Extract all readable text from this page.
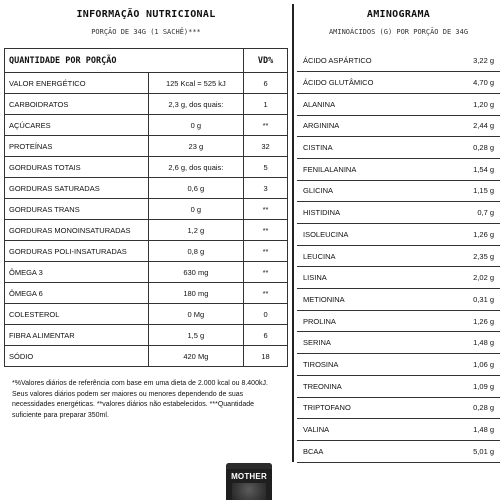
INFORMAÇÃO NUTRICIONAL
PORÇÃO DE 34G (1 SACHÊ)***
QUANTIDADE POR PORÇÃO		VD%
VALOR ENERGÉTICO	125 Kcal = 525 kJ	6
CARBOIDRATOS	2,3 g, dos quais:	1
AÇÚCARES	0 g	**
PROTEÍNAS	23 g	32
GORDURAS TOTAIS	2,6 g, dos quais:	5
GORDURAS SATURADAS	0,6 g	3
GORDURAS TRANS	0 g	**
GORDURAS MONOINSATURADAS	1,2 g	**
GORDURAS POLI-INSATURADAS	0,8 g	**
ÔMEGA 3	630 mg	**
ÔMEGA 6	180 mg	**
COLESTEROL	0 Mg	0
FIBRA ALIMENTAR	1,5 g	6
SÓDIO	420 Mg	18
*%Valores diários de referência com base em uma dieta de 2.000 kcal ou 8.400kJ. Seus valores diários podem ser maiores ou menores dependendo de suas necessidades energéticas. **valores diários não estabelecidos. ***Quantidade suficiente para preparar 350ml.
AMINOGRAMA
AMINOÁCIDOS (G) POR PORÇÃO DE 34G
ÁCIDO ASPÁRTICO	3,22 g
ÁCIDO GLUTÂMICO	4,70 g
ALANINA	1,20 g
ARGININA	2,44 g
CISTINA	0,28 g
FENILALANINA	1,54 g
GLICINA	1,15 g
HISTIDINA	0,7 g
ISOLEUCINA	1,26 g
LEUCINA	2,35 g
LISINA	2,02 g
METIONINA	0,31 g
PROLINA	1,26 g
SERINA	1,48 g
TIROSINA	1,06 g
TREONINA	1,09 g
TRIPTOFANO	0,28 g
VALINA	1,48 g
BCAA	5,01 g
MOTHER
